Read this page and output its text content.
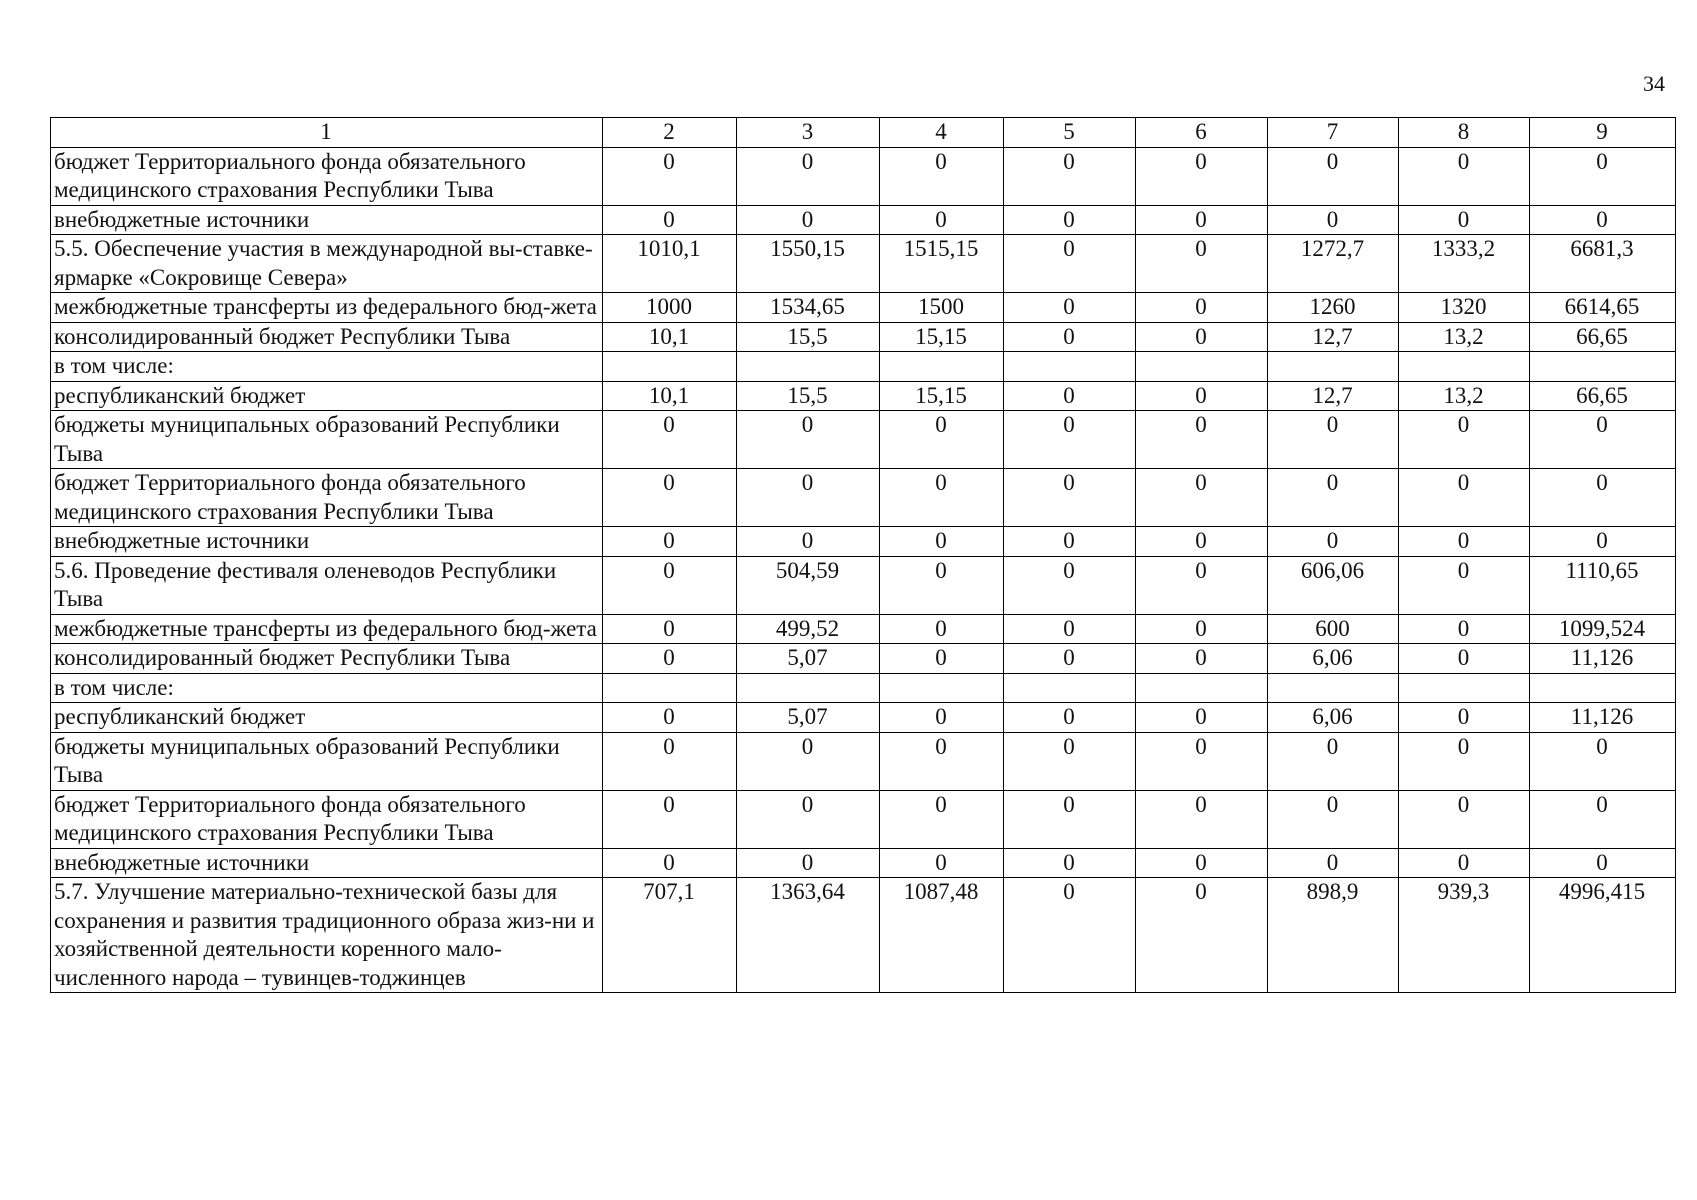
34
1	2	3	4	5	6	7	8	9
бюджет Территориального фонда обязательного медицинского страхования Республики Тыва	0	0	0	0	0	0	0	0
внебюджетные источники	0	0	0	0	0	0	0	0
5.5. Обеспечение участия в международной вы-ставке-ярмарке «Сокровище Севера»	1010,1	1550,15	1515,15	0	0	1272,7	1333,2	6681,3
межбюджетные трансферты из федерального бюд-жета	1000	1534,65	1500	0	0	1260	1320	6614,65
консолидированный бюджет Республики Тыва	10,1	15,5	15,15	0	0	12,7	13,2	66,65
в том числе:								
республиканский бюджет	10,1	15,5	15,15	0	0	12,7	13,2	66,65
бюджеты муниципальных образований Республики Тыва	0	0	0	0	0	0	0	0
бюджет Территориального фонда обязательного медицинского страхования Республики Тыва	0	0	0	0	0	0	0	0
внебюджетные источники	0	0	0	0	0	0	0	0
5.6. Проведение фестиваля оленеводов Республики Тыва	0	504,59	0	0	0	606,06	0	1110,65
межбюджетные трансферты из федерального бюд-жета	0	499,52	0	0	0	600	0	1099,524
консолидированный бюджет Республики Тыва	0	5,07	0	0	0	6,06	0	11,126
в том числе:								
республиканский бюджет	0	5,07	0	0	0	6,06	0	11,126
бюджеты муниципальных образований Республики Тыва	0	0	0	0	0	0	0	0
бюджет Территориального фонда обязательного медицинского страхования Республики Тыва	0	0	0	0	0	0	0	0
внебюджетные источники	0	0	0	0	0	0	0	0
5.7. Улучшение материально-технической базы для сохранения и развития традиционного образа жиз-ни и хозяйственной деятельности коренного мало-численного народа – тувинцев-тоджинцев	707,1	1363,64	1087,48	0	0	898,9	939,3	4996,415
